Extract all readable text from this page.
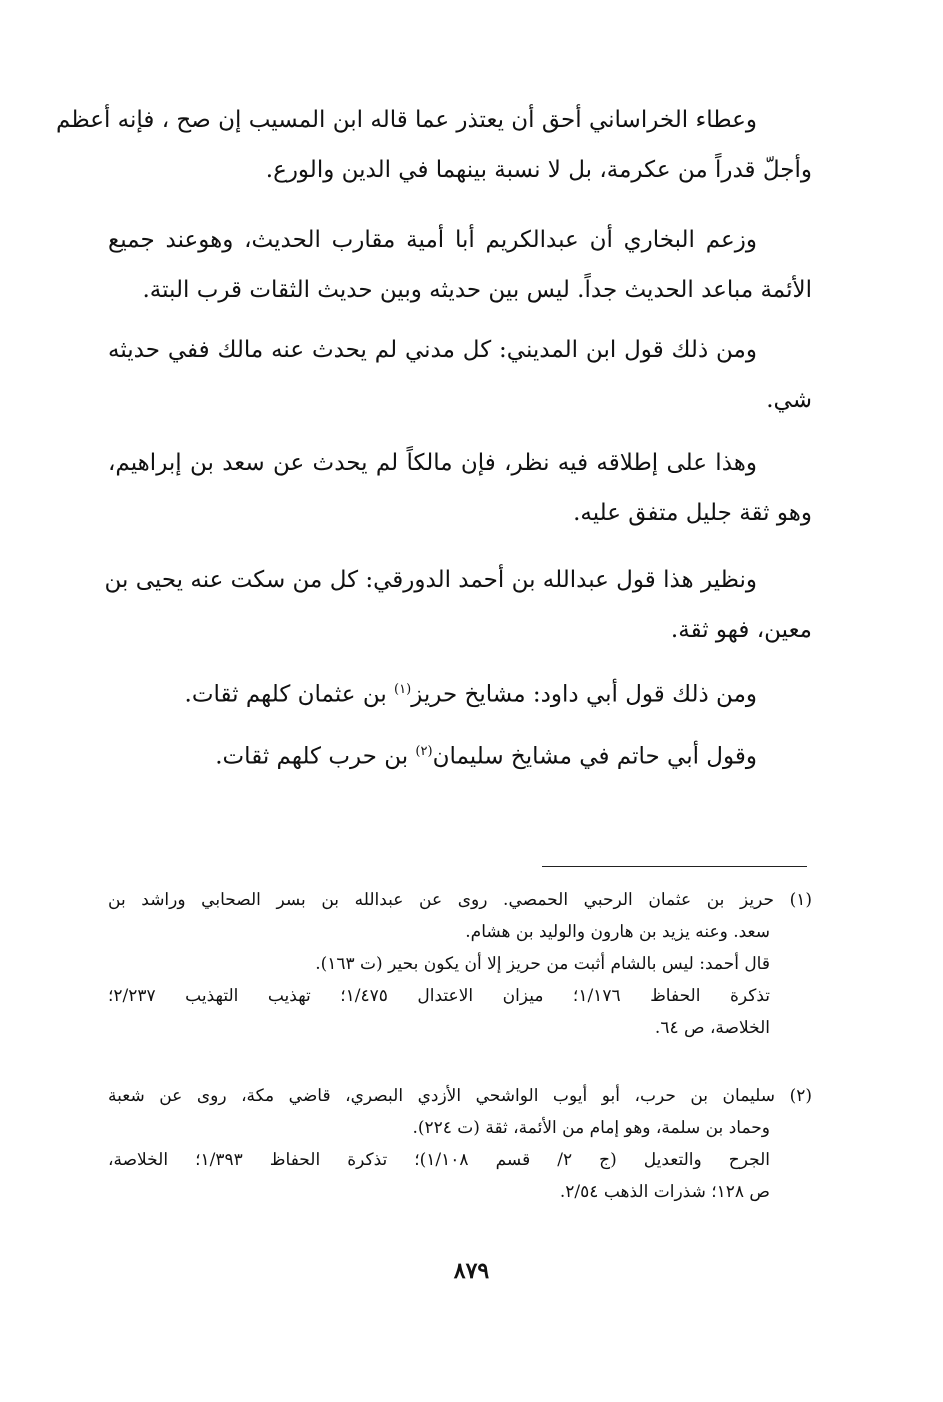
وعطاء الخراساني أحق أن يعتذر عما قاله ابن المسيب إن صح ، فإنه أعظم
وأجلّ قدراً من عكرمة، بل لا نسبة بينهما في الدين والورع.
وزعم البخاري أن عبدالكريم أبا أمية مقارب الحديث، وهوعند جميع
الأئمة مباعد الحديث جداً. ليس بين حديثه وبين حديث الثقات قرب البتة.
ومن ذلك قول ابن المديني: كل مدني لم يحدث عنه مالك ففي حديثه
شي.
وهذا على إطلاقه فيه نظر، فإن مالكاً لم يحدث عن سعد بن إبراهيم،
وهو ثقة جليل متفق عليه.
ونظير هذا قول عبدالله بن أحمد الدورقي: كل من سكت عنه يحيى بن
معين، فهو ثقة.
ومن ذلك قول أبي داود: مشايخ حريز$^{(١)}$ بن عثمان كلهم ثقات.
وقول أبي حاتم في مشايخ سليمان$^{(٢)}$ بن حرب كلهم ثقات.
(١) حريز بن عثمان الرحبي الحمصي. روى عن عبدالله بن بسر الصحابي وراشد بن
سعد. وعنه يزيد بن هارون والوليد بن هشام.
قال أحمد: ليس بالشام أثبت من حريز إلا أن يكون بحير (ت ١٦٣).
تذكرة الحفاظ ١/١٧٦؛ ميزان الاعتدال ١/٤٧٥؛ تهذيب التهذيب ٢/٢٣٧؛
الخلاصة، ص ٦٤.
(٢) سليمان بن حرب، أبو أيوب الواشحي الأزدي البصري، قاضي مكة، روى عن شعبة
وحماد بن سلمة، وهو إمام من الأئمة، ثقة (ت ٢٢٤).
الجرح والتعديل (ج ٢/ قسم ١/١٠٨)؛ تذكرة الحفاظ ١/٣٩٣؛ الخلاصة،
ص ١٢٨؛ شذرات الذهب ٢/٥٤.
٨٧٩
